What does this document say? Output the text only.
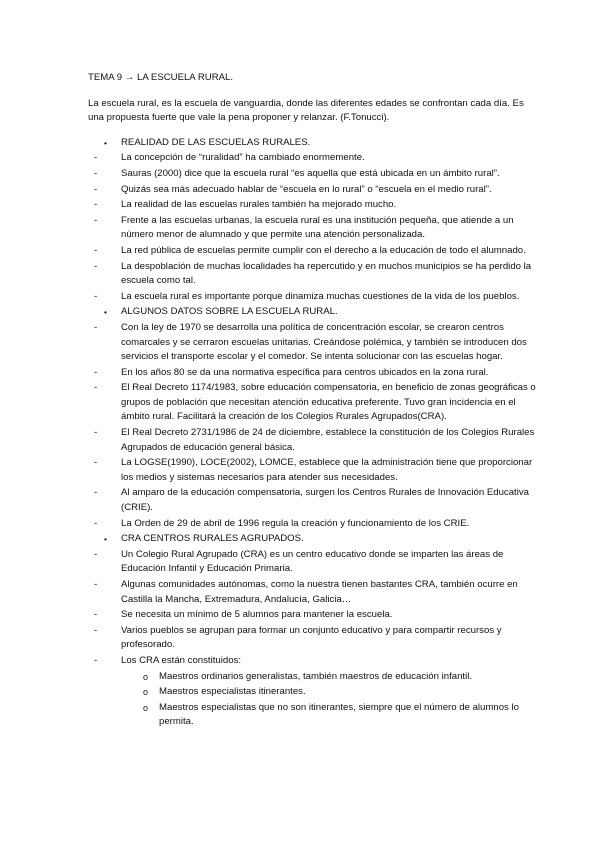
TEMA 9 → LA ESCUELA RURAL.

La escuela rural, es la escuela de vanguardia, donde las diferentes edades se confrontan cada día. Es una propuesta fuerte que vale la pena proponer y relanzar. (F.Tonucci).

• REALIDAD DE LAS ESCUELAS RURALES.
- La concepción de “ruralidad” ha cambiado enormemente.
- Sauras (2000) dice que la escuela rural “es aquella que está ubicada en un ámbito rural”.
- Quizás sea más adecuado hablar de “escuela en lo rural” o “escuela en el medio rural”.
- La realidad de las escuelas rurales también ha mejorado mucho.
- Frente a las escuelas urbanas, la escuela rural es una institución pequeña, que atiende a un número menor de alumnado y que permite una atención personalizada.
- La red pública de escuelas permite cumplir con el derecho a la educación de todo el alumnado.
- La despoblación de muchas localidades ha repercutido y en muchos municipios se ha perdido la escuela como tal.
- La escuela rural es importante porque dinamiza muchas cuestiones de la vida de los pueblos.
• ALGUNOS DATOS SOBRE LA ESCUELA RURAL.
- Con la ley de 1970 se desarrolla una política de concentración escolar, se crearon centros comarcales y se cerraron escuelas unitarias. Creándose polémica, y también se introducen dos servicios el transporte escolar y el comedor. Se intenta solucionar con las escuelas hogar.
- En los años 80 se da una normativa específica para centros ubicados en la zona rural.
- El Real Decreto 1174/1983, sobre educación compensatoria, en beneficio de zonas geográficas o grupos de población que necesitan atención educativa preferente. Tuvo gran incidencia en el ámbito rural. Facilitará la creación de los Colegios Rurales Agrupados(CRA).
- El Real Decreto 2731/1986 de 24 de diciembre, establece la constitución de los Colegios Rurales Agrupados de educación general básica.
- La LOGSE(1990), LOCE(2002), LOMCE, establece que la administración tiene que proporcionar los medios y sistemas necesarios para atender sus necesidades.
- Al amparo de la educación compensatoria, surgen los Centros Rurales de Innovación Educativa (CRIE).
- La Orden de 29 de abril de 1996 regula la creación y funcionamiento de los CRIE.
• CRA CENTROS RURALES AGRUPADOS.
- Un Colegio Rural Agrupado (CRA) es un centro educativo donde se imparten las áreas de Educación Infantil y Educación Primaria.
- Algunas comunidades autónomas, como la nuestra tienen bastantes CRA, también ocurre en Castilla la Mancha, Extremadura, Andalucía, Galicia…
- Se necesita un mínimo de 5 alumnos para mantener la escuela.
- Varios pueblos se agrupan para formar un conjunto educativo y para compartir recursos y profesorado.
- Los CRA están constituidos:
o Maestros ordinarios generalistas, también maestros de educación infantil.
o Maestros especialistas itinerantes.
o Maestros especialistas que no son itinerantes, siempre que el número de alumnos lo permita.
